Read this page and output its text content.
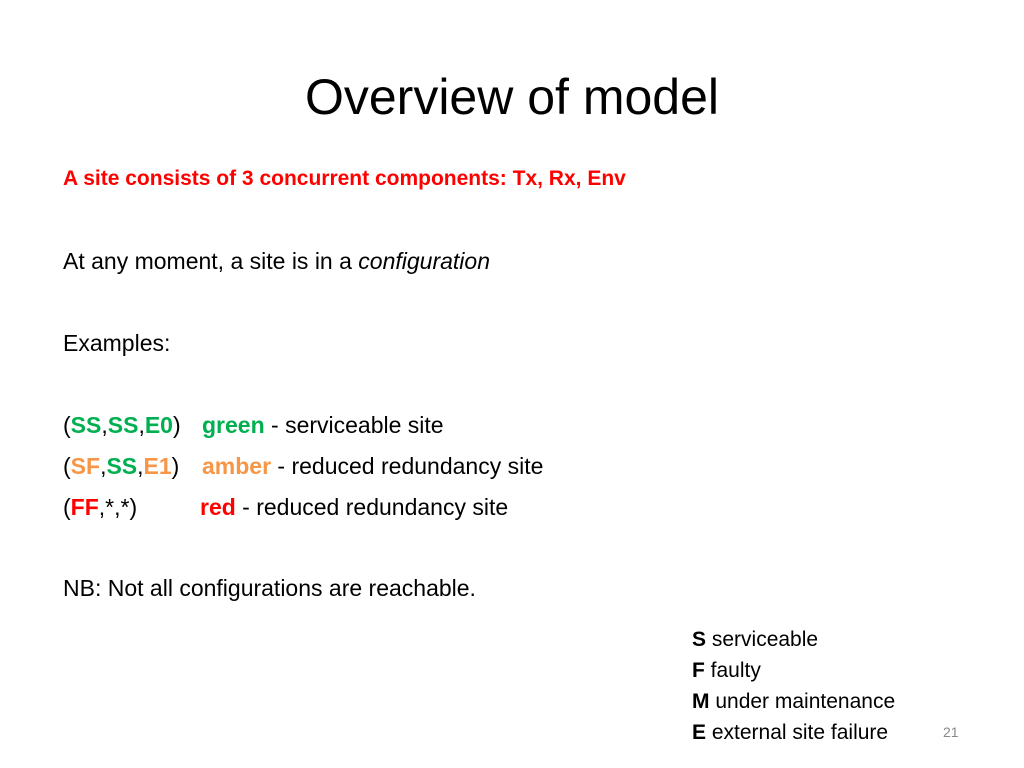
Overview of model
A site consists of 3 concurrent components: Tx, Rx, Env
At any moment, a site is in a configuration
Examples:
(SS,SS,E0) green - serviceable site
(SF,SS,E1) amber - reduced redundancy site
(FF,*,*)	red - reduced redundancy site
NB: Not all configurations are reachable.
S serviceable
F faulty
M under maintenance
E external site failure	21
